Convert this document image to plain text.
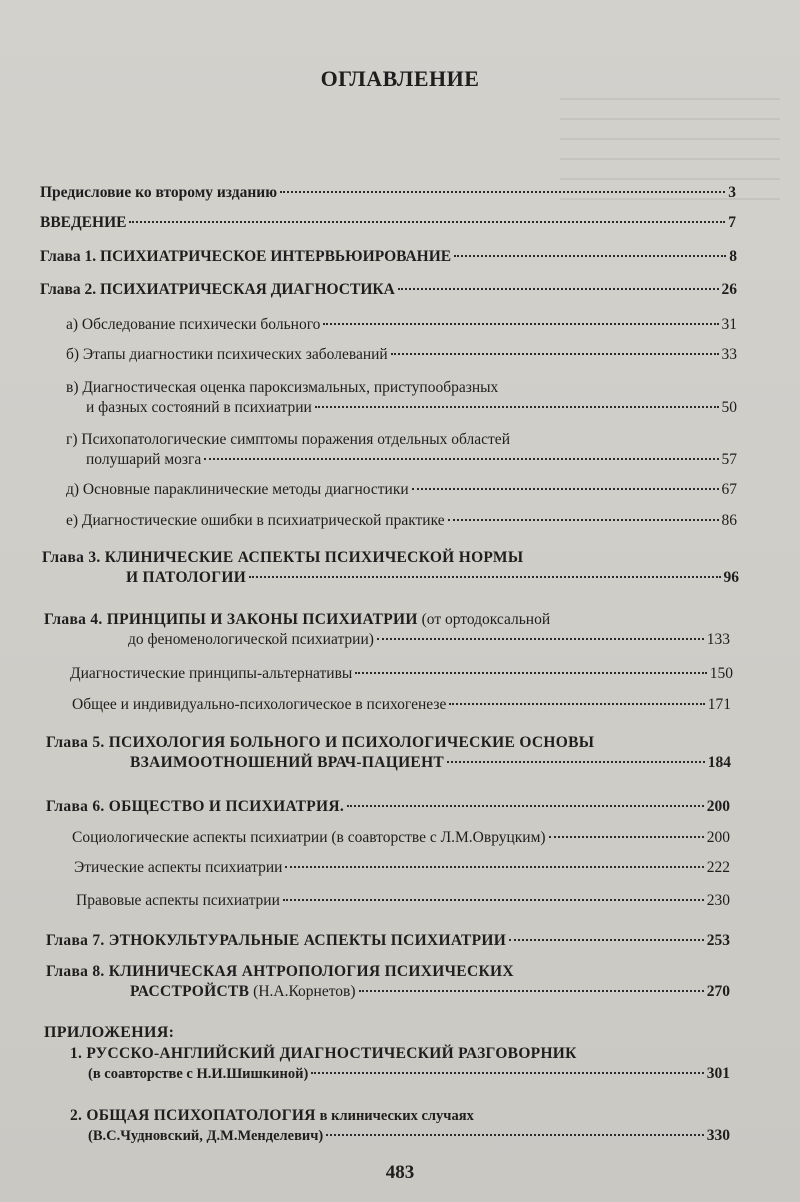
ОГЛАВЛЕНИЕ
Предисловие ко второму изданию	3
ВВЕДЕНИЕ	7
Глава 1. ПСИХИАТРИЧЕСКОЕ ИНТЕРВЬЮИРОВАНИЕ	8
Глава 2. ПСИХИАТРИЧЕСКАЯ ДИАГНОСТИКА	26
а) Обследование психически больного	31
б) Этапы диагностики психических заболеваний	33
в) Диагностическая оценка пароксизмальных, приступообразных
и фазных состояний в психиатрии	50
г) Психопатологические симптомы поражения отдельных областей
полушарий мозга	57
д) Основные параклинические методы диагностики	67
е) Диагностические ошибки в психиатрической практике	86
Глава 3. КЛИНИЧЕСКИЕ АСПЕКТЫ ПСИХИЧЕСКОЙ НОРМЫ
И ПАТОЛОГИИ	96
Глава 4. ПРИНЦИПЫ И ЗАКОНЫ ПСИХИАТРИИ (от ортодоксальной
до феноменологической психиатрии)	133
Диагностические принципы-альтернативы	150
Общее и индивидуально-психологическое в психогенезе	171
Глава 5. ПСИХОЛОГИЯ БОЛЬНОГО И ПСИХОЛОГИЧЕСКИЕ ОСНОВЫ
ВЗАИМООТНОШЕНИЙ ВРАЧ-ПАЦИЕНТ	184
Глава 6. ОБЩЕСТВО И ПСИХИАТРИЯ.	200
Социологические аспекты психиатрии (в соавторстве с Л.М.Овруцким)	200
Этические аспекты психиатрии	222
Правовые аспекты психиатрии	230
Глава 7. ЭТНОКУЛЬТУРАЛЬНЫЕ АСПЕКТЫ ПСИХИАТРИИ	253
Глава 8. КЛИНИЧЕСКАЯ АНТРОПОЛОГИЯ ПСИХИЧЕСКИХ
РАССТРОЙСТВ (Н.А.Корнетов)	270
ПРИЛОЖЕНИЯ:
1. РУССКО-АНГЛИЙСКИЙ ДИАГНОСТИЧЕСКИЙ РАЗГОВОРНИК
(в соавторстве с Н.И.Шишкиной)	301
2. ОБЩАЯ ПСИХОПАТОЛОГИЯ в клинических случаях
(В.С.Чудновский, Д.М.Менделевич)	330
483
